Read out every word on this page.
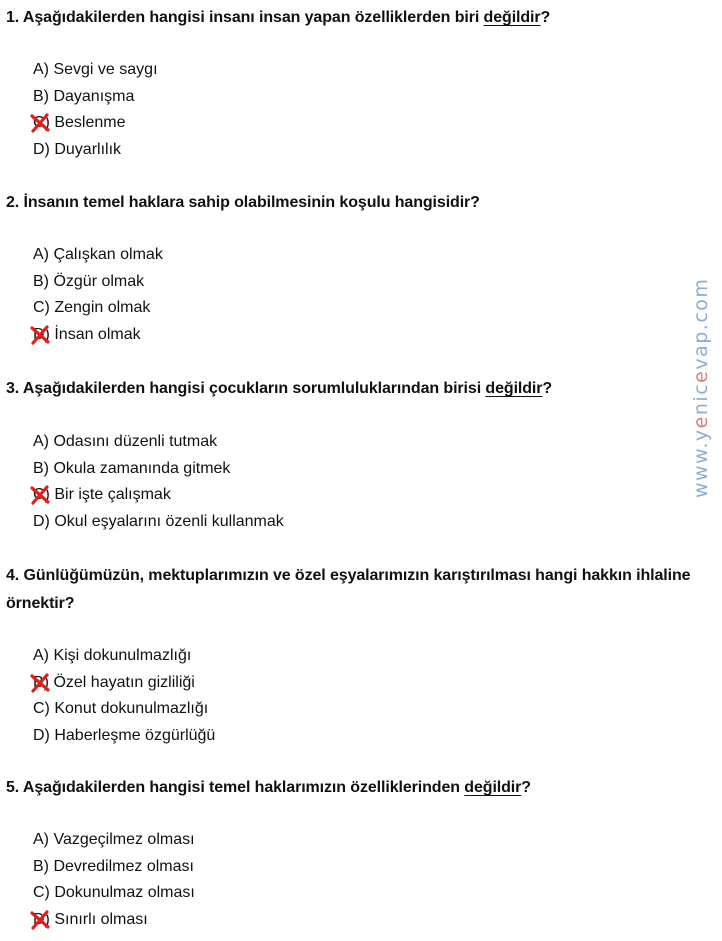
1. Aşağıdakilerden hangisi insanı insan yapan özelliklerden biri değildir?

A) Sevgi ve saygı
B) Dayanışma
C) Beslenme
D) Duyarlılık

2. İnsanın temel haklara sahip olabilmesinin koşulu hangisidir?

A) Çalışkan olmak
B) Özgür olmak
C) Zengin olmak
D) İnsan olmak

3. Aşağıdakilerden hangisi çocukların sorumluluklarından birisi değildir?

A) Odasını düzenli tutmak
B) Okula zamanında gitmek
C) Bir işte çalışmak
D) Okul eşyalarını özenli kullanmak

4. Günlüğümüzün, mektuplarımızın ve özel eşyalarımızın karıştırılması hangi hakkın ihlaline örnektir?

A) Kişi dokunulmazlığı
B) Özel hayatın gizliliği
C) Konut dokunulmazlığı
D) Haberleşme özgürlüğü

5. Aşağıdakilerden hangisi temel haklarımızın özelliklerinden değildir?

A) Vazgeçilmez olması
B) Devredilmez olması
C) Dokunulmaz olması
D) Sınırlı olması
www.yenicevap.com
